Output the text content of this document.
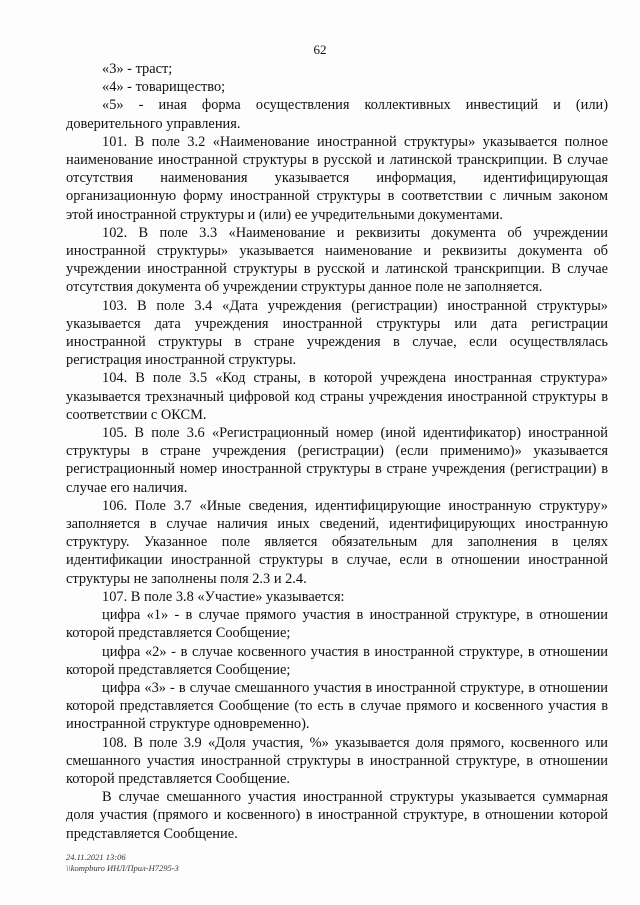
62

«3» - траст;

«4» - товарищество;

«5» - иная форма осуществления коллективных инвестиций и (или) доверительного управления.

101. В поле 3.2 «Наименование иностранной структуры» указывается полное наименование иностранной структуры в русской и латинской транскрипции. В случае отсутствия наименования указывается информация, идентифицирующая организационную форму иностранной структуры в соответствии с личным законом этой иностранной структуры и (или) ее учредительными документами.

102. В поле 3.3 «Наименование и реквизиты документа об учреждении иностранной структуры» указывается наименование и реквизиты документа об учреждении иностранной структуры в русской и латинской транскрипции. В случае отсутствия документа об учреждении структуры данное поле не заполняется.

103. В поле 3.4 «Дата учреждения (регистрации) иностранной структуры» указывается дата учреждения иностранной структуры или дата регистрации иностранной структуры в стране учреждения в случае, если осуществлялась регистрация иностранной структуры.

104. В поле 3.5 «Код страны, в которой учреждена иностранная структура» указывается трехзначный цифровой код страны учреждения иностранной структуры в соответствии с ОКСМ.

105. В поле 3.6 «Регистрационный номер (иной идентификатор) иностранной структуры в стране учреждения (регистрации) (если применимо)» указывается регистрационный номер иностранной структуры в стране учреждения (регистрации) в случае его наличия.

106. Поле 3.7 «Иные сведения, идентифицирующие иностранную структуру» заполняется в случае наличия иных сведений, идентифицирующих иностранную структуру. Указанное поле является обязательным для заполнения в целях идентификации иностранной структуры в случае, если в отношении иностранной структуры не заполнены поля 2.3 и 2.4.

107. В поле 3.8 «Участие» указывается:

цифра «1» - в случае прямого участия в иностранной структуре, в отношении которой представляется Сообщение;

цифра «2» - в случае косвенного участия в иностранной структуре, в отношении которой представляется Сообщение;

цифра «3» - в случае смешанного участия в иностранной структуре, в отношении которой представляется Сообщение (то есть в случае прямого и косвенного участия в иностранной структуре одновременно).

108. В поле 3.9 «Доля участия, %» указывается доля прямого, косвенного или смешанного участия иностранной структуры в иностранной структуре, в отношении которой представляется Сообщение.

В случае смешанного участия иностранной структуры указывается суммарная доля участия (прямого и косвенного) в иностранной структуре, в отношении которой представляется Сообщение.

24.11.2021 13:06
\\kompburo ИНЛ/Прил-Н7295-3
